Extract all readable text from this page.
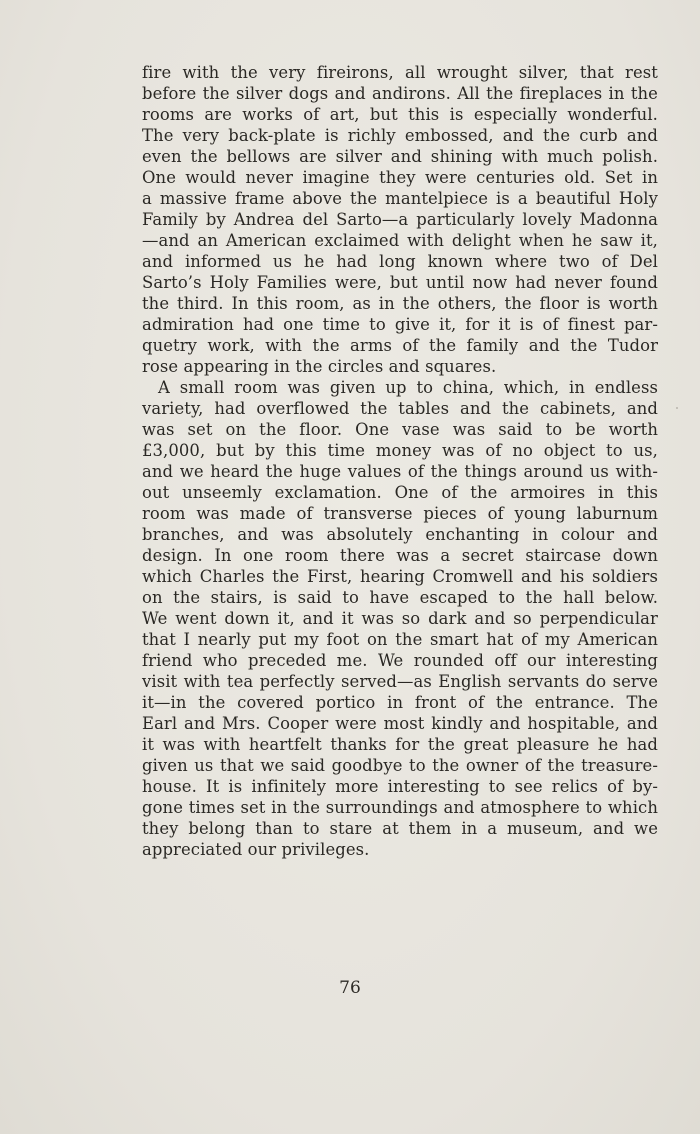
fire with the very fireirons, all wrought silver, that rest
before the silver dogs and andirons. All the fireplaces in the
rooms are works of art, but this is especially wonderful.
The very back-plate is richly embossed, and the curb and
even the bellows are silver and shining with much polish.
One would never imagine they were centuries old. Set in
a massive frame above the mantelpiece is a beautiful Holy
Family by Andrea del Sarto—a particularly lovely Madonna
—and an American exclaimed with delight when he saw it,
and informed us he had long known where two of Del
Sarto’s Holy Families were, but until now had never found
the third. In this room, as in the others, the floor is worth
admiration had one time to give it, for it is of finest par-
quetry work, with the arms of the family and the Tudor
rose appearing in the circles and squares.

A small room was given up to china, which, in endless
variety, had overflowed the tables and the cabinets, and
was set on the floor. One vase was said to be worth
£3,000, but by this time money was of no object to us,
and we heard the huge values of the things around us with-
out unseemly exclamation. One of the armoires in this
room was made of transverse pieces of young laburnum
branches, and was absolutely enchanting in colour and
design. In one room there was a secret staircase down
which Charles the First, hearing Cromwell and his soldiers
on the stairs, is said to have escaped to the hall below.
We went down it, and it was so dark and so perpendicular
that I nearly put my foot on the smart hat of my American
friend who preceded me. We rounded off our interesting
visit with tea perfectly served—as English servants do serve
it—in the covered portico in front of the entrance. The
Earl and Mrs. Cooper were most kindly and hospitable, and
it was with heartfelt thanks for the great pleasure he had
given us that we said goodbye to the owner of the treasure-
house. It is infinitely more interesting to see relics of by-
gone times set in the surroundings and atmosphere to which
they belong than to stare at them in a museum, and we
appreciated our privileges.

76
